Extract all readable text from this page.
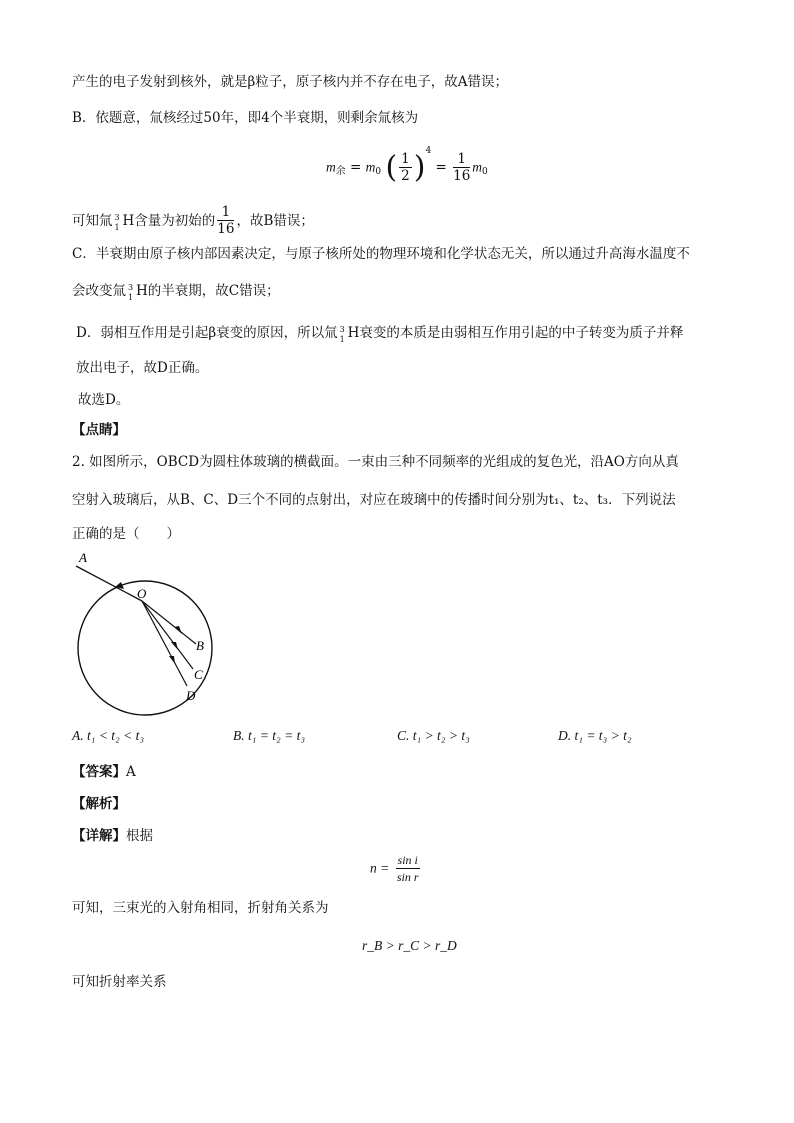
产生的电子发射到核外，就是β粒子，原子核内并不存在电子，故A错误；
B．依题意，氚核经过50年，即4个半衰期，则剩余氚核为
$m_余 = m_0$ ( $\frac{1}{2} )^4 = \frac{1}{16} m_0$
可知氚 3
1 H含量为初始的 $\frac{1}{16}$ ，故B错误；
C．半衰期由原子核内部因素决定，与原子核所处的物理环境和化学状态无关，所以通过升高海水温度不
会改变氚 3
1 H的半衰期，故C错误；
D．弱相互作用是引起β衰变的原因，所以氚 3
1 H衰变的本质是由弱相互作用引起的中子转变为质子并释
放出电子，故D正确。
故选D。
【点睛】
2. 如图所示，OBCD为圆柱体玻璃的横截面。一束由三种不同频率的光组成的复色光，沿AO方向从真
空射入玻璃后，从B、C、D三个不同的点射出，对应在玻璃中的传播时间分别为t₁、t₂、t₃．下列说法
正确的是（　　）
A
O
B
C
D
A. t₁ < t₂ < t₃	B. t₁ = t₂ = t₃	C. t₁ > t₂ > t₃	D. t₁ = t₃ > t₂
【答案】A
【解析】
【详解】根据
$n = \frac{\text{sin i}}{\text{sin r}}$
可知，三束光的入射角相同，折射角关系为
r_B > r_C > r_D
可知折射率关系
